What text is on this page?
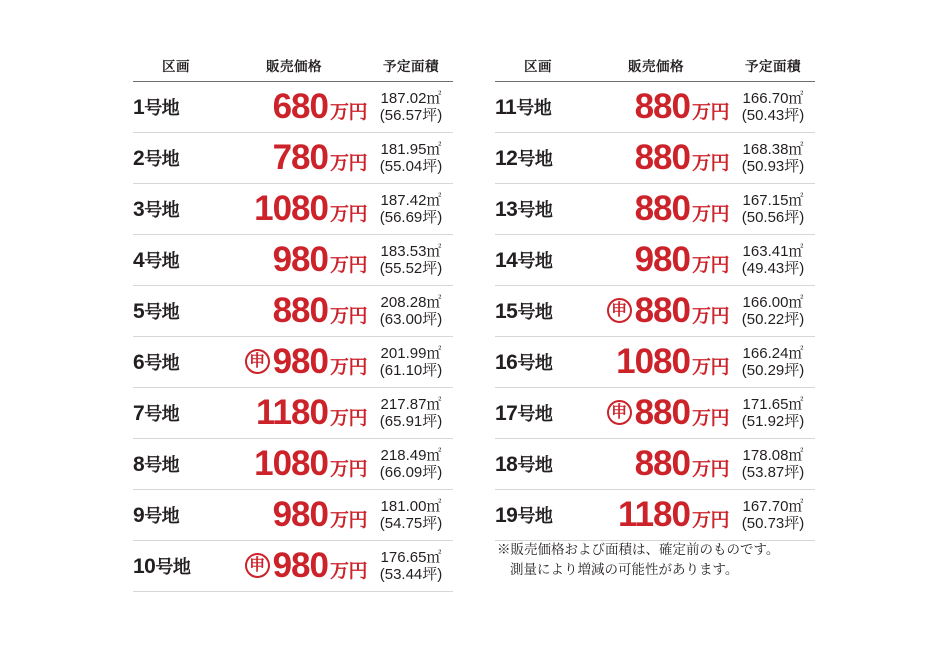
区画	販売価格	予定面積
1号地	680 万円	187.02㎡
(56.57坪)

2号地	780 万円	181.95㎡
(55.04坪)

3号地	1080 万円	187.42㎡
(56.69坪)

4号地	980 万円	183.53㎡
(55.52坪)

5号地	880 万円	208.28㎡
(63.00坪)

6号地	申 980 万円	201.99㎡
(61.10坪)

7号地	1180 万円	217.87㎡
(65.91坪)

8号地	1080 万円	218.49㎡
(66.09坪)

9号地	980 万円	181.00㎡
(54.75坪)

10号地	申 980 万円	176.65㎡
(53.44坪)
区画	販売価格	予定面積
11号地	880 万円	166.70㎡
(50.43坪)

12号地	880 万円	168.38㎡
(50.93坪)

13号地	880 万円	167.15㎡
(50.56坪)

14号地	980 万円	163.41㎡
(49.43坪)

15号地	申 880 万円	166.00㎡
(50.22坪)

16号地	1080 万円	166.24㎡
(50.29坪)

17号地	申 880 万円	171.65㎡
(51.92坪)

18号地	880 万円	178.08㎡
(53.87坪)

19号地	1180 万円	167.70㎡
(50.73坪)
※販売価格および面積は、確定前のものです。
測量により増減の可能性があります。
